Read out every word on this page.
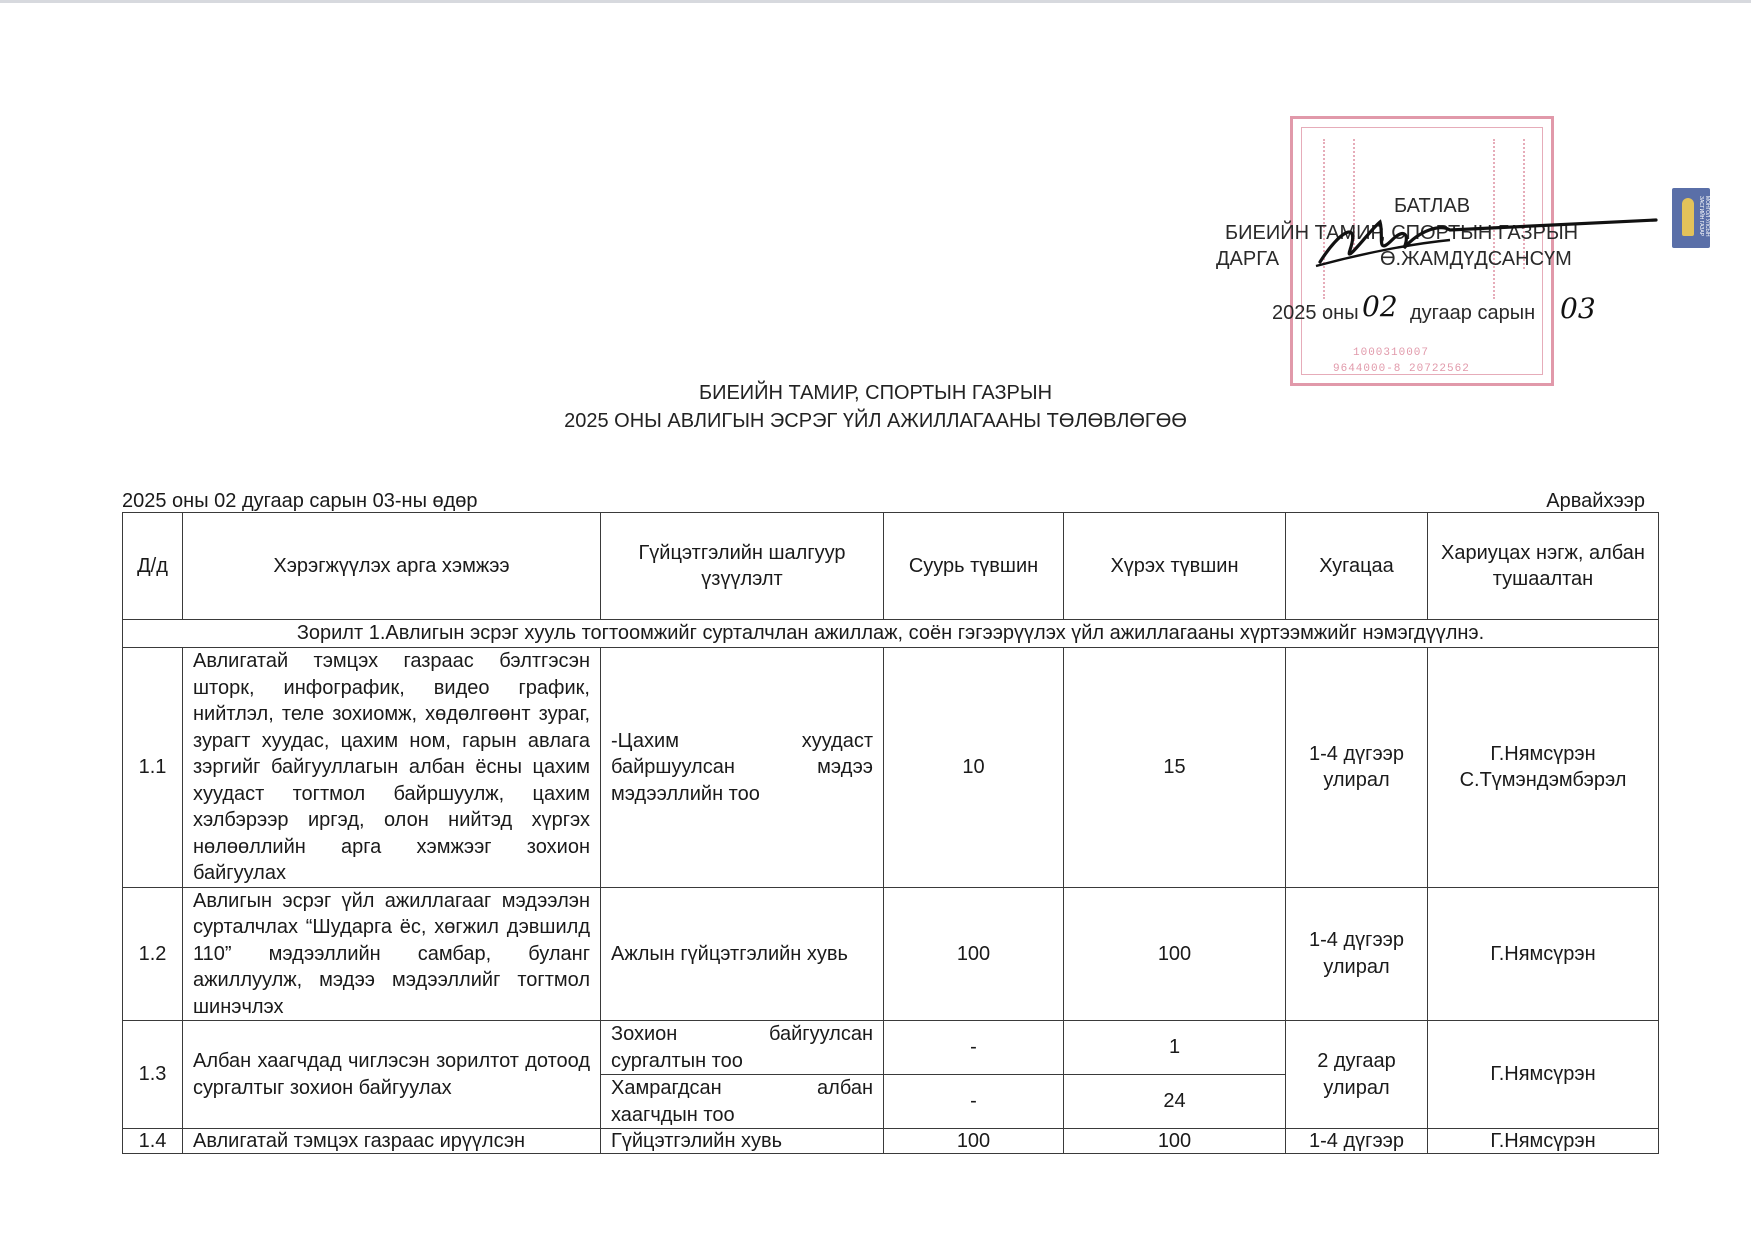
1000310007
9644000-8 20722562
МОНГОЛ УЛСЫН ЗАСГИЙН ГАЗАР
БАТЛАВ
БИЕИЙН ТАМИР, СПОРТЫН ГАЗРЫН
ДАРГА	Ө.ЖАМДҮДСАНСҮМ
2025 оны 02 дугаар сарын 03
БИЕИЙН ТАМИР, СПОРТЫН ГАЗРЫН
2025 ОНЫ АВЛИГЫН ЭСРЭГ ҮЙЛ АЖИЛЛАГААНЫ ТӨЛӨВЛӨГӨӨ
2025 оны 02 дугаар сарын 03-ны өдөр	Арвайхээр
Д/д	Хэрэгжүүлэх арга хэмжээ	Гүйцэтгэлийн шалгуур үзүүлэлт	Суурь түвшин	Хүрэх түвшин	Хугацаа	Хариуцах нэгж, албан тушаалтан
Зорилт 1.Авлигын эсрэг хууль тогтоомжийг сурталчлан ажиллаж, соён гэгээрүүлэх үйл ажиллагааны хүртээмжийг нэмэгдүүлнэ.						
1.1	Авлигатай тэмцэх газраас бэлтгэсэн шторк, инфографик, видео график, нийтлэл, теле зохиомж, хөдөлгөөнт зураг, зурагт хуудас, цахим ном, гарын авлага зэргийг байгууллагын албан ёсны цахим хуудаст тогтмол байршуулж, цахим хэлбэрээр иргэд, олон нийтэд хүргэх нөлөөллийн арга хэмжээг зохион байгуулах	-Цахим хуудаст байршуулсан мэдээ мэдээллийн тоо	10	15	1-4 дүгээр улирал	Г.Нямсүрэн
С.Түмэндэмбэрэл

1.2	Авлигын эсрэг үйл ажиллагааг мэдээлэн сурталчлах “Шударга ёс, хөгжил дэвшилд 110” мэдээллийн самбар, буланг ажиллуулж, мэдээ мэдээллийг тогтмол шинэчлэх	Ажлын гүйцэтгэлийн хувь	100	100	1-4 дүгээр улирал	Г.Нямсүрэн
1.3	Албан хаагчдад чиглэсэн зорилтот дотоод сургалтыг зохион байгуулах	Зохион байгуулсан сургалтын тоо	-	1	2 дугаар улирал	Г.Нямсүрэн
		Хамрагдсан албан хаагчдын тоо	-	24		
1.4	Авлигатай тэмцэх газраас ирүүлсэн	Гүйцэтгэлийн хувь	100	100	1-4 дүгээр	Г.Нямсүрэн
